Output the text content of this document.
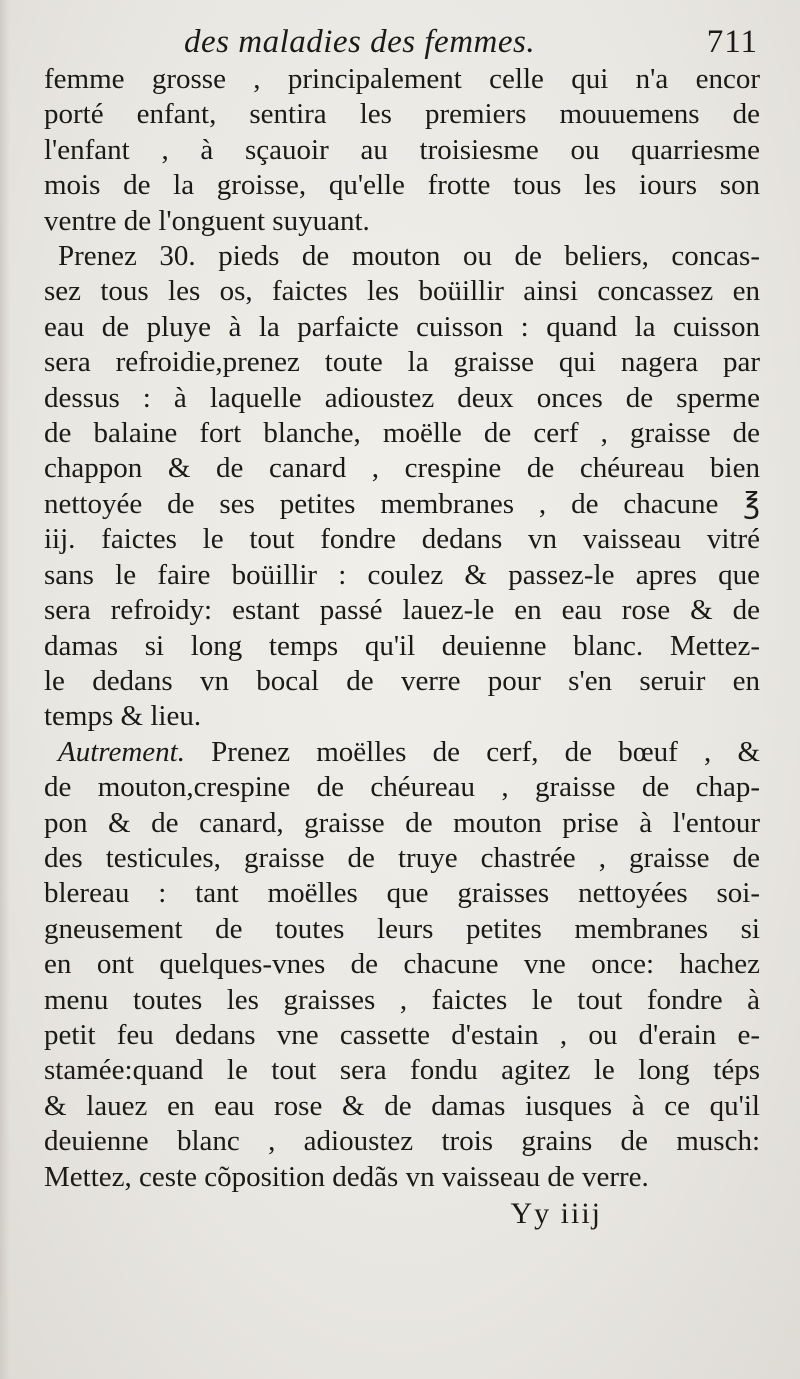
des maladies des femmes.	711

femme grosse , principalement celle qui n'a encor
porté enfant, sentira les premiers mouuemens de
l'enfant , à sçauoir au troisiesme ou quarriesme
mois de la groisse, qu'elle frotte tous les iours son
ventre de l'onguent suyuant.

Prenez 30. pieds de mouton ou de beliers, concas-
sez tous les os, faictes les boüillir ainsi concassez en
eau de pluye à la parfaicte cuisson : quand la cuisson
sera refroidie,prenez toute la graisse qui nagera par
dessus : à laquelle adioustez deux onces de sperme
de balaine fort blanche, moëlle de cerf , graisse de
chappon & de canard , crespine de chéureau bien
nettoyée de ses petites membranes , de chacune ℥
iij. faictes le tout fondre dedans vn vaisseau vitré
sans le faire boüillir : coulez & passez-le apres que
sera refroidy: estant passé lauez-le en eau rose & de
damas si long temps qu'il deuienne blanc. Mettez-
le dedans vn bocal de verre pour s'en seruir en
temps & lieu.

Autrement. Prenez moëlles de cerf, de bœuf , &
de mouton,crespine de chéureau , graisse de chap-
pon & de canard, graisse de mouton prise à l'entour
des testicules, graisse de truye chastrée , graisse de
blereau : tant moëlles que graisses nettoyées soi-
gneusement de toutes leurs petites membranes si
en ont quelques-vnes de chacune vne once: hachez
menu toutes les graisses , faictes le tout fondre à
petit feu dedans vne cassette d'estain , ou d'erain e-
stamée:quand le tout sera fondu agitez le long téps
& lauez en eau rose & de damas iusques à ce qu'il
deuienne blanc , adioustez trois grains de musch:
Mettez, ceste cõposition dedãs vn vaisseau de verre.

Yy iiij
